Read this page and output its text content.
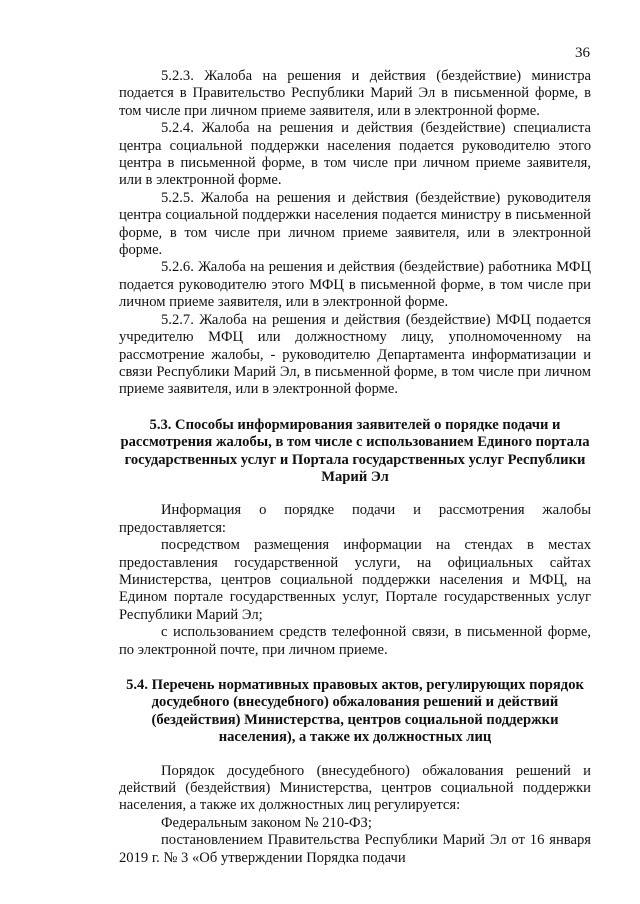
36

5.2.3. Жалоба на решения и действия (бездействие) министра подается в Правительство Республики Марий Эл в письменной форме, в том числе при личном приеме заявителя, или в электронной форме.

5.2.4. Жалоба на решения и действия (бездействие) специалиста центра социальной поддержки населения подается руководителю этого центра в письменной форме, в том числе при личном приеме заявителя, или в электронной форме.

5.2.5. Жалоба на решения и действия (бездействие) руководителя центра социальной поддержки населения подается министру в письменной форме, в том числе при личном приеме заявителя, или в электронной форме.

5.2.6. Жалоба на решения и действия (бездействие) работника МФЦ подается руководителю этого МФЦ в письменной форме, в том числе при личном приеме заявителя, или в электронной форме.

5.2.7. Жалоба на решения и действия (бездействие) МФЦ подается учредителю МФЦ или должностному лицу, уполномоченному на рассмотрение жалобы, - руководителю Департамента информатизации и связи Республики Марий Эл, в письменной форме, в том числе при личном приеме заявителя, или в электронной форме.

5.3. Способы информирования заявителей о порядке подачи и рассмотрения жалобы, в том числе с использованием Единого портала государственных услуг и Портала государственных услуг Республики Марий Эл

Информация о порядке подачи и рассмотрения жалобы предоставляется:

посредством размещения информации на стендах в местах предоставления государственной услуги, на официальных сайтах Министерства, центров социальной поддержки населения и МФЦ, на Едином портале государственных услуг, Портале государственных услуг Республики Марий Эл;

с использованием средств телефонной связи, в письменной форме, по электронной почте, при личном приеме.

5.4. Перечень нормативных правовых актов, регулирующих порядок досудебного (внесудебного) обжалования решений и действий (бездействия) Министерства, центров социальной поддержки населения), а также их должностных лиц

Порядок досудебного (внесудебного) обжалования решений и действий (бездействия) Министерства, центров социальной поддержки населения, а также их должностных лиц регулируется:

Федеральным законом № 210-ФЗ;

постановлением Правительства Республики Марий Эл от 16 января 2019 г. № 3 «Об утверждении Порядка подачи
